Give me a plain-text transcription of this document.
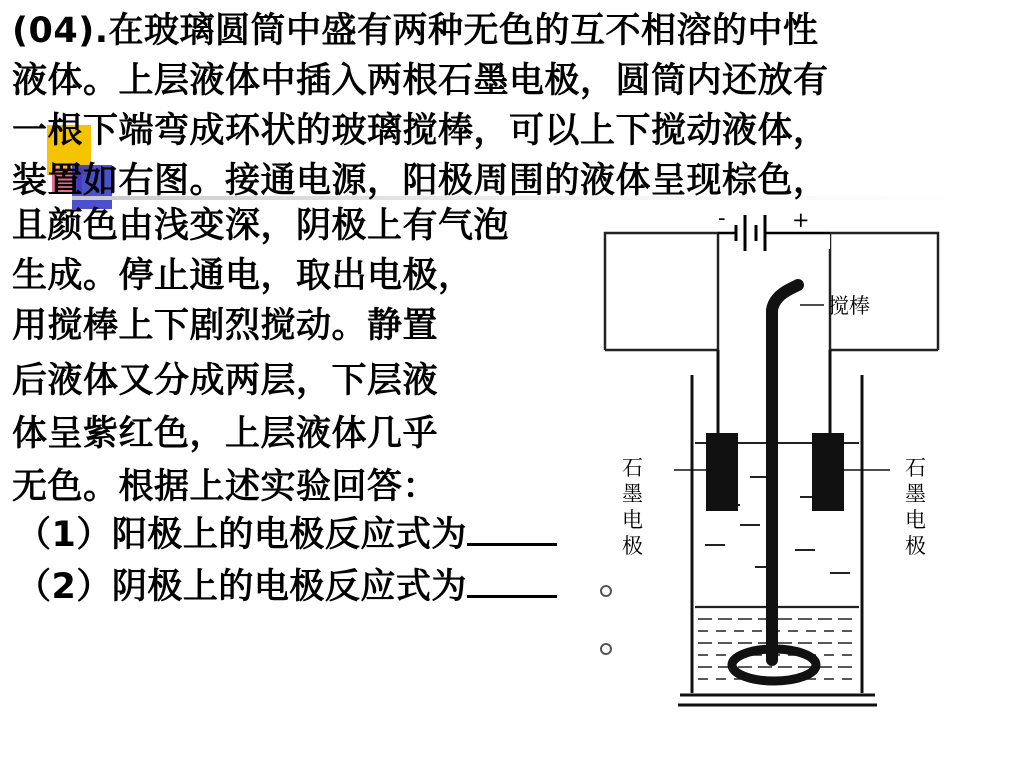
(04).在玻璃圆筒中盛有两种无色的互不相溶的中性

液体。上层液体中插入两根石墨电极，圆筒内还放有

一根下端弯成环状的玻璃搅棒，可以上下搅动液体，

装置如右图。接通电源，阳极周围的液体呈现棕色，

且颜色由浅变深，阴极上有气泡

生成。停止通电，取出电极，

用搅棒上下剧烈搅动。静置

后液体又分成两层，下层液

体呈紫红色，上层液体几乎

无色。根据上述实验回答：

（1）阳极上的电极反应式为

（2）阴极上的电极反应式为

-	+
搅棒
石
墨
电
极
石
墨
电
极
